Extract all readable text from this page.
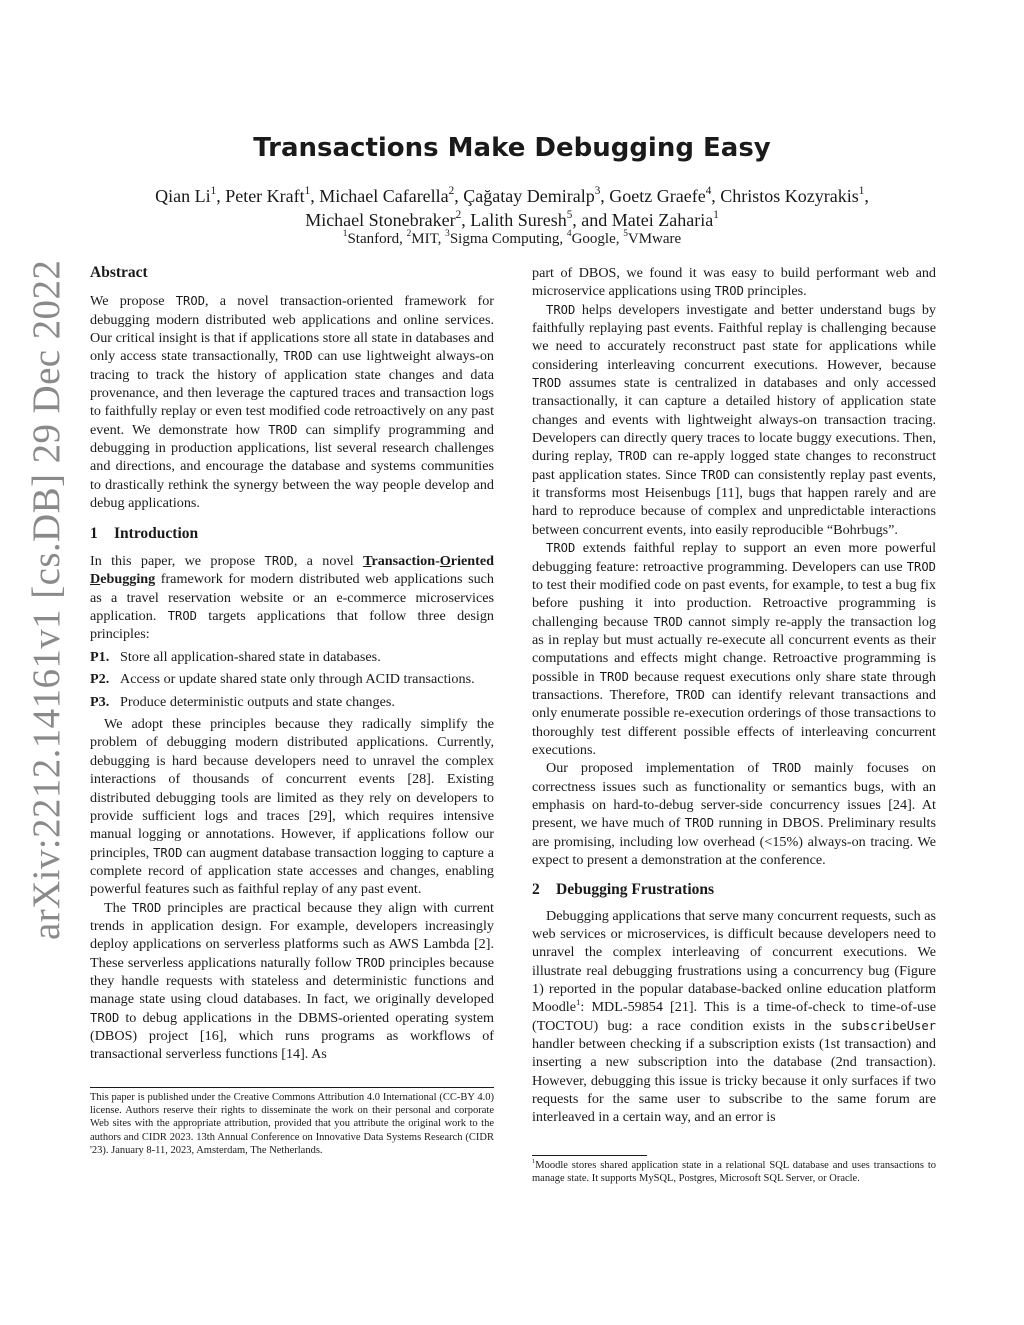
arXiv:2212.14161v1 [cs.DB] 29 Dec 2022
Transactions Make Debugging Easy
Qian Li$^1$, Peter Kraft$^1$, Michael Cafarella$^2$, Çağatay Demiralp$^3$, Goetz Graefe$^4$, Christos Kozyrakis$^1$,
Michael Stonebraker$^2$, Lalith Suresh$^5$, and Matei Zaharia$^1$
$^1$Stanford, $^2$MIT, $^3$Sigma Computing, $^4$Google, $^5$VMware

Abstract

We propose TROD, a novel transaction-oriented framework for debugging modern distributed web applications and online services. Our critical insight is that if applications store all state in databases and only access state transactionally, TROD can use lightweight always-on tracing to track the history of application state changes and data provenance, and then leverage the captured traces and transaction logs to faithfully replay or even test modified code retroactively on any past event. We demonstrate how TROD can simplify programming and debugging in production applications, list several research challenges and directions, and encourage the database and systems communities to drastically rethink the synergy between the way people develop and debug applications.

1 Introduction

In this paper, we propose TROD, a novel Transaction-Oriented Debugging framework for modern distributed web applications such as a travel reservation website or an e-commerce microservices application. TROD targets applications that follow three design principles:

P1. Store all application-shared state in databases.
P2. Access or update shared state only through ACID transactions.
P3. Produce deterministic outputs and state changes.

We adopt these principles because they radically simplify the problem of debugging modern distributed applications. Currently, debugging is hard because developers need to unravel the complex interactions of thousands of concurrent events [28]. Existing distributed debugging tools are limited as they rely on developers to provide sufficient logs and traces [29], which requires intensive manual logging or annotations. However, if applications follow our principles, TROD can augment database transaction logging to capture a complete record of application state accesses and changes, enabling powerful features such as faithful replay of any past event.

The TROD principles are practical because they align with current trends in application design. For example, developers increasingly deploy applications on serverless platforms such as AWS Lambda [2]. These serverless applications naturally follow TROD principles because they handle requests with stateless and deterministic functions and manage state using cloud databases. In fact, we originally developed TROD to debug applications in the DBMS-oriented operating system (DBOS) project [16], which runs programs as workflows of transactional serverless functions [14]. As

This paper is published under the Creative Commons Attribution 4.0 International (CC-BY 4.0) license. Authors reserve their rights to disseminate the work on their personal and corporate Web sites with the appropriate attribution, provided that you attribute the original work to the authors and CIDR 2023. 13th Annual Conference on Innovative Data Systems Research (CIDR '23). January 8-11, 2023, Amsterdam, The Netherlands.

part of DBOS, we found it was easy to build performant web and microservice applications using TROD principles.

TROD helps developers investigate and better understand bugs by faithfully replaying past events. Faithful replay is challenging because we need to accurately reconstruct past state for applications while considering interleaving concurrent executions. However, because TROD assumes state is centralized in databases and only accessed transactionally, it can capture a detailed history of application state changes and events with lightweight always-on transaction tracing. Developers can directly query traces to locate buggy executions. Then, during replay, TROD can re-apply logged state changes to reconstruct past application states. Since TROD can consistently replay past events, it transforms most Heisenbugs [11], bugs that happen rarely and are hard to reproduce because of complex and unpredictable interactions between concurrent events, into easily reproducible “Bohrbugs”.

TROD extends faithful replay to support an even more powerful debugging feature: retroactive programming. Developers can use TROD to test their modified code on past events, for example, to test a bug fix before pushing it into production. Retroactive programming is challenging because TROD cannot simply re-apply the transaction log as in replay but must actually re-execute all concurrent events as their computations and effects might change. Retroactive programming is possible in TROD because request executions only share state through transactions. Therefore, TROD can identify relevant transactions and only enumerate possible re-execution orderings of those transactions to thoroughly test different possible effects of interleaving concurrent executions.

Our proposed implementation of TROD mainly focuses on correctness issues such as functionality or semantics bugs, with an emphasis on hard-to-debug server-side concurrency issues [24]. At present, we have much of TROD running in DBOS. Preliminary results are promising, including low overhead (<15%) always-on tracing. We expect to present a demonstration at the conference.

2 Debugging Frustrations

Debugging applications that serve many concurrent requests, such as web services or microservices, is difficult because developers need to unravel the complex interleaving of concurrent executions. We illustrate real debugging frustrations using a concurrency bug (Figure 1) reported in the popular database-backed online education platform Moodle$^1$: MDL-59854 [21]. This is a time-of-check to time-of-use (TOCTOU) bug: a race condition exists in the subscribeUser handler between checking if a subscription exists (1st transaction) and inserting a new subscription into the database (2nd transaction). However, debugging this issue is tricky because it only surfaces if two requests for the same user to subscribe to the same forum are interleaved in a certain way, and an error is

$^1$Moodle stores shared application state in a relational SQL database and uses transactions to manage state. It supports MySQL, Postgres, Microsoft SQL Server, or Oracle.
